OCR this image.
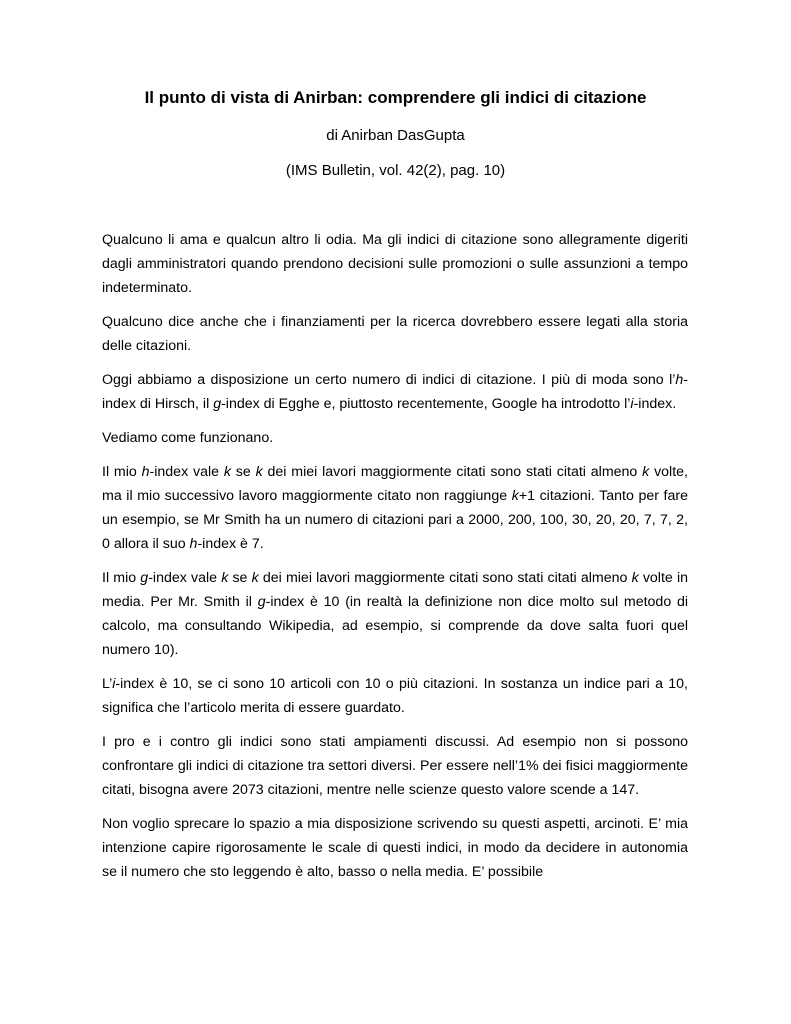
Il punto di vista di Anirban: comprendere gli indici di citazione
di Anirban DasGupta
(IMS Bulletin, vol. 42(2), pag. 10)

Qualcuno li ama e qualcun altro li odia. Ma gli indici di citazione sono allegramente digeriti dagli amministratori quando prendono decisioni sulle promozioni o sulle assunzioni a tempo indeterminato.

Qualcuno dice anche che i finanziamenti per la ricerca dovrebbero essere legati alla storia delle citazioni.

Oggi abbiamo a disposizione un certo numero di indici di citazione. I più di moda sono l’h-index di Hirsch, il g-index di Egghe e, piuttosto recentemente, Google ha introdotto l’i-index.

Vediamo come funzionano.

Il mio h-index vale k se k dei miei lavori maggiormente citati sono stati citati almeno k volte, ma il mio successivo lavoro maggiormente citato non raggiunge k+1 citazioni. Tanto per fare un esempio, se Mr Smith ha un numero di citazioni pari a 2000, 200, 100, 30, 20, 20, 7, 7, 2, 0 allora il suo h-index è 7.

Il mio g-index vale k se k dei miei lavori maggiormente citati sono stati citati almeno k volte in media. Per Mr. Smith il g-index è 10 (in realtà la definizione non dice molto sul metodo di calcolo, ma consultando Wikipedia, ad esempio, si comprende da dove salta fuori quel numero 10).

L’i-index è 10, se ci sono 10 articoli con 10 o più citazioni. In sostanza un indice pari a 10, significa che l’articolo merita di essere guardato.

I pro e i contro gli indici sono stati ampiamenti discussi. Ad esempio non si possono confrontare gli indici di citazione tra settori diversi. Per essere nell’1% dei fisici maggiormente citati, bisogna avere 2073 citazioni, mentre nelle scienze questo valore scende a 147.

Non voglio sprecare lo spazio a mia disposizione scrivendo su questi aspetti, arcinoti. E’ mia intenzione capire rigorosamente le scale di questi indici, in modo da decidere in autonomia se il numero che sto leggendo è alto, basso o nella media. E’ possibile
